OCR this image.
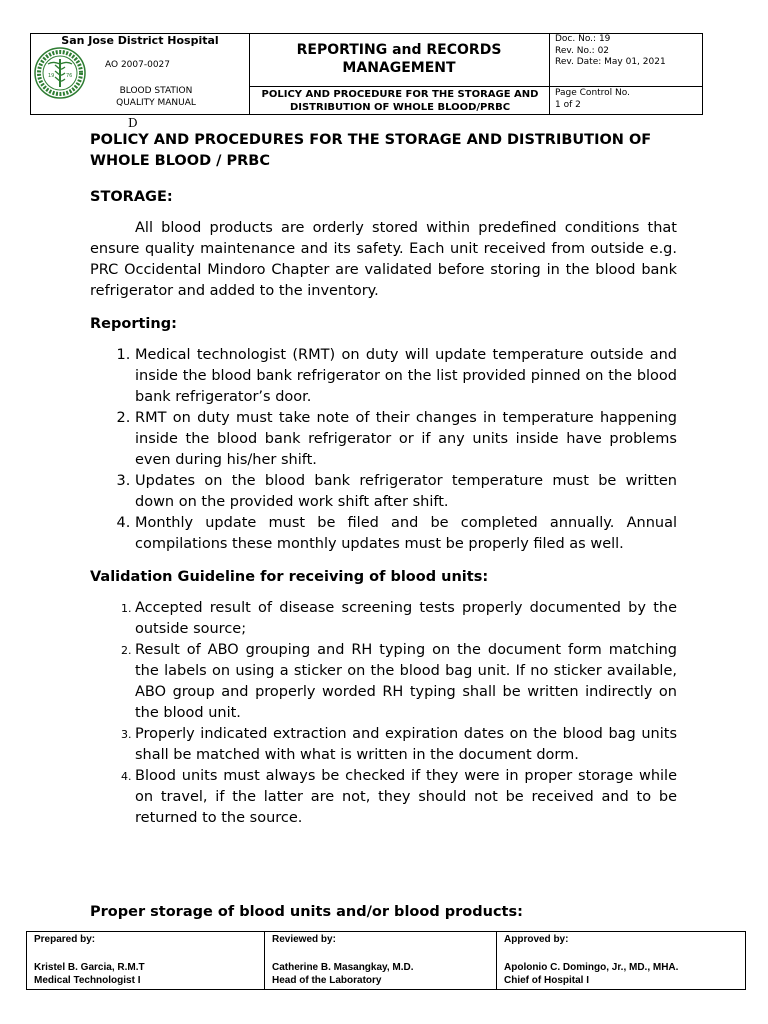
San Jose District Hospital
19 76
AO 2007-0027
BLOOD STATION
QUALITY MANUAL
REPORTING and RECORDS MANAGEMENT
POLICY AND PROCEDURE FOR THE STORAGE AND DISTRIBUTION OF WHOLE BLOOD/PRBC
Doc. No.: 19
Rev. No.: 02
Rev. Date: May 01, 2021
Page Control No.
1 of 2
D
POLICY AND PROCEDURES FOR THE STORAGE AND DISTRIBUTION OF WHOLE BLOOD / PRBC
STORAGE:

All blood products are orderly stored within predefined conditions that ensure quality maintenance and its safety. Each unit received from outside e.g. PRC Occidental Mindoro Chapter are validated before storing in the blood bank refrigerator and added to the inventory.

Reporting:
1. Medical technologist (RMT) on duty will update temperature outside and inside the blood bank refrigerator on the list provided pinned on the blood bank refrigerator’s door.
2. RMT on duty must take note of their changes in temperature happening inside the blood bank refrigerator or if any units inside have problems even during his/her shift.
3. Updates on the blood bank refrigerator temperature must be written down on the provided work shift after shift.
4. Monthly update must be filed and be completed annually. Annual compilations these monthly updates must be properly filed as well.
Validation Guideline for receiving of blood units:
1. Accepted result of disease screening tests properly documented by the outside source;
2. Result of ABO grouping and RH typing on the document form matching the labels on using a sticker on the blood bag unit. If no sticker available, ABO group and properly worded RH typing shall be written indirectly on the blood unit.
3. Properly indicated extraction and expiration dates on the blood bag units shall be matched with what is written in the document dorm.
4. Blood units must always be checked if they were in proper storage while on travel, if the latter are not, they should not be received and to be returned to the source.
Proper storage of blood units and/or blood products:
Prepared by:
Kristel B. Garcia, R.M.T
Medical Technologist I
Reviewed by:
Catherine B. Masangkay, M.D.
Head of the Laboratory
Approved by:
Apolonio C. Domingo, Jr., MD., MHA.
Chief of Hospital I
